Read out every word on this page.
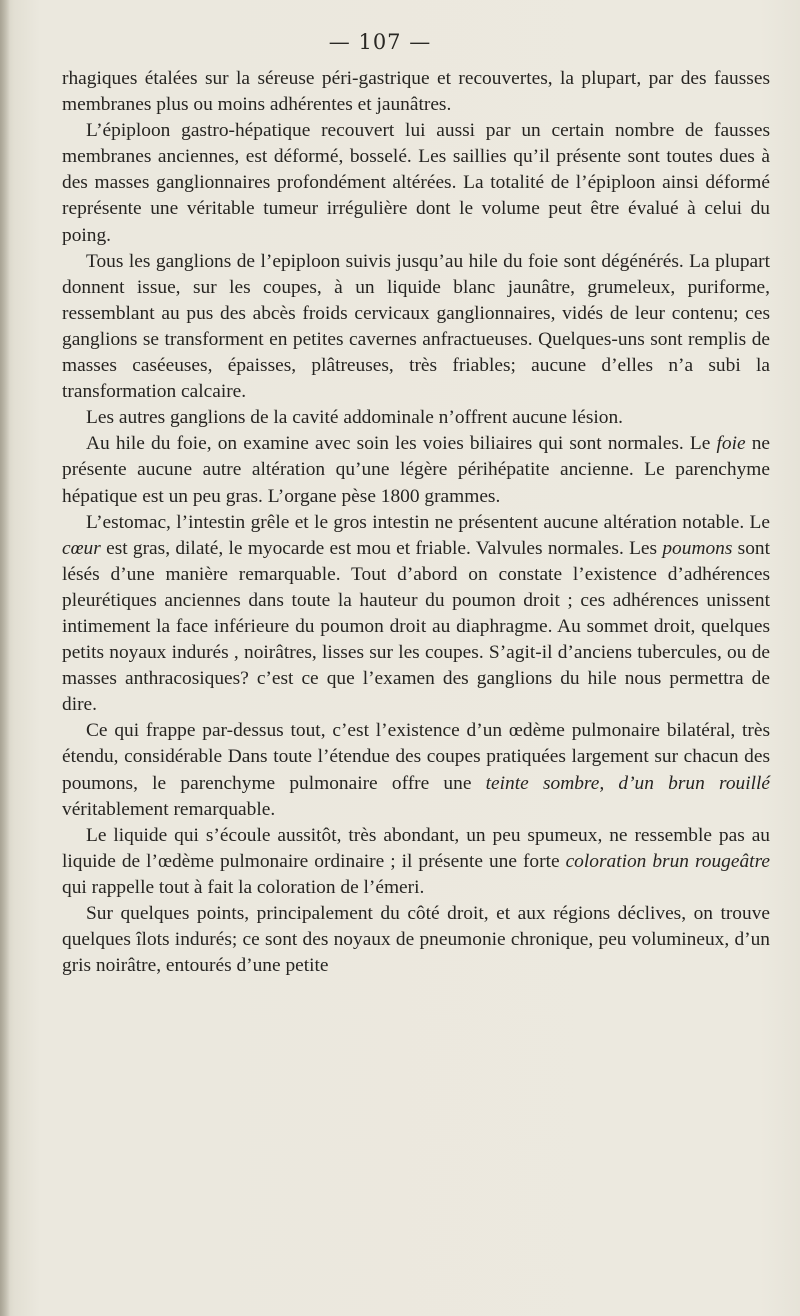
— 107 —

rhagiques étalées sur la séreuse péri-gastrique et recouvertes, la plupart, par des fausses membranes plus ou moins adhérentes et jaunâtres.

L’épiploon gastro-hépatique recouvert lui aussi par un certain nombre de fausses membranes anciennes, est déformé, bosselé. Les saillies qu’il présente sont toutes dues à des masses ganglionnaires profondément altérées. La totalité de l’épiploon ainsi déformé représente une véritable tumeur irrégulière dont le volume peut être évalué à celui du poing.

Tous les ganglions de l’epiploon suivis jusqu’au hile du foie sont dégénérés. La plupart donnent issue, sur les coupes, à un liquide blanc jaunâtre, grumeleux, puriforme, ressemblant au pus des abcès froids cervicaux ganglionnaires, vidés de leur contenu; ces ganglions se transforment en petites cavernes anfractueuses. Quelques-uns sont remplis de masses caséeuses, épaisses, plâtreuses, très friables; aucune d’elles n’a subi la transformation calcaire.

Les autres ganglions de la cavité addominale n’offrent aucune lésion.

Au hile du foie, on examine avec soin les voies biliaires qui sont normales. Le foie ne présente aucune autre altération qu’une légère périhépatite ancienne. Le parenchyme hépatique est un peu gras. L’organe pèse 1800 grammes.

L’estomac, l’intestin grêle et le gros intestin ne présentent aucune altération notable. Le cœur est gras, dilaté, le myocarde est mou et friable. Valvules normales. Les poumons sont lésés d’une manière remarquable. Tout d’abord on constate l’existence d’adhérences pleurétiques anciennes dans toute la hauteur du poumon droit ; ces adhérences unissent intimement la face inférieure du poumon droit au diaphragme. Au sommet droit, quelques petits noyaux indurés , noirâtres, lisses sur les coupes. S’agit-il d’anciens tubercules, ou de masses anthracosiques? c’est ce que l’examen des ganglions du hile nous permettra de dire.

Ce qui frappe par-dessus tout, c’est l’existence d’un œdème pulmonaire bilatéral, très étendu, considérable Dans toute l’étendue des coupes pratiquées largement sur chacun des poumons, le parenchyme pulmonaire offre une teinte sombre, d’un brun rouillé véritablement remarquable.

Le liquide qui s’écoule aussitôt, très abondant, un peu spumeux, ne ressemble pas au liquide de l’œdème pulmonaire ordinaire ; il présente une forte coloration brun rougeâtre qui rappelle tout à fait la coloration de l’émeri.

Sur quelques points, principalement du côté droit, et aux régions déclives, on trouve quelques îlots indurés; ce sont des noyaux de pneumonie chronique, peu volumineux, d’un gris noirâtre, entourés d’une petite
